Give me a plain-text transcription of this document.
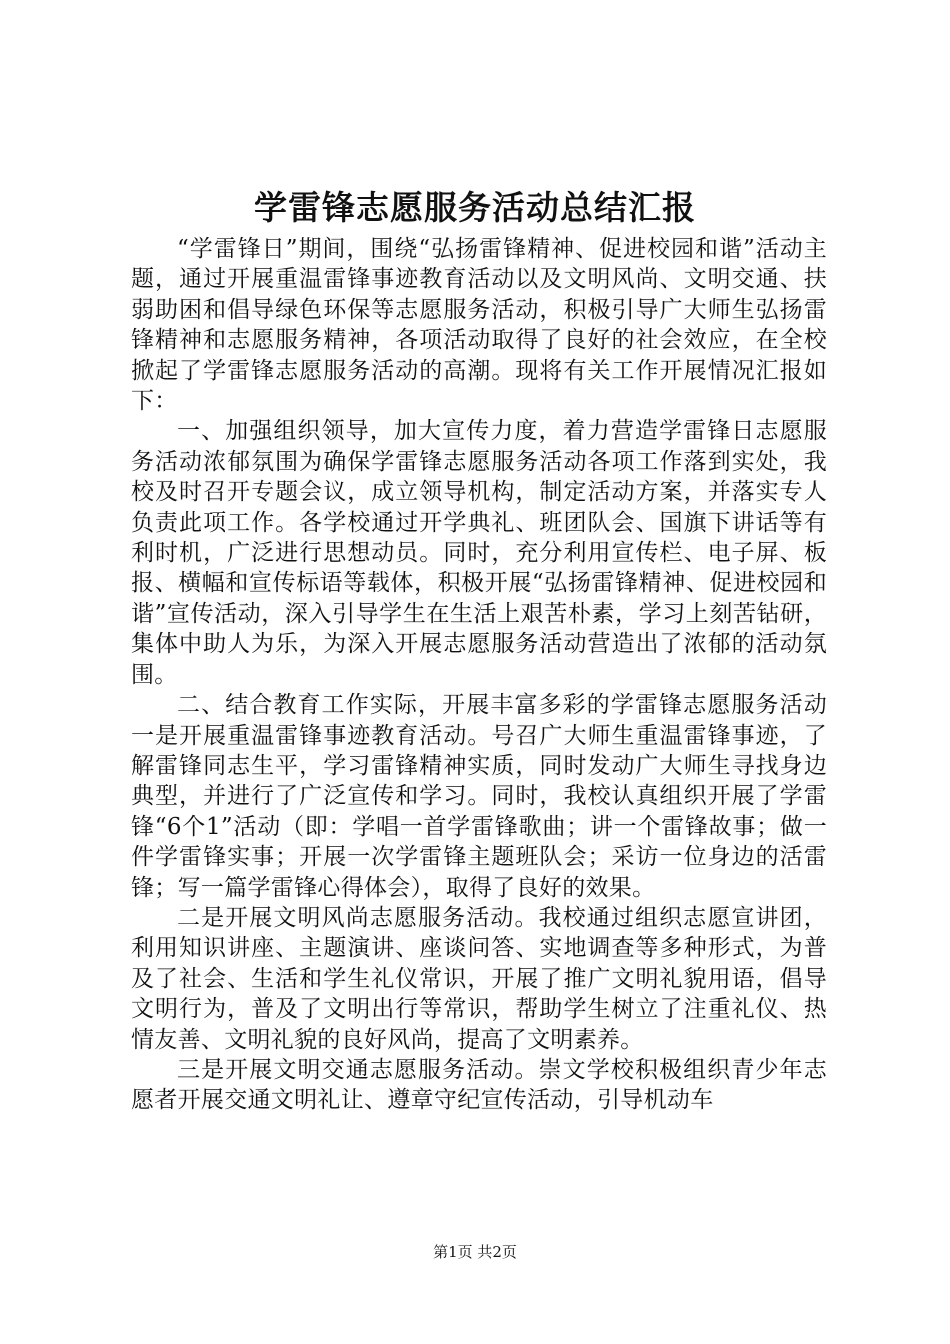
学雷锋志愿服务活动总结汇报

“学雷锋日”期间，围绕“弘扬雷锋精神、促进校园和谐”活动主题，通过开展重温雷锋事迹教育活动以及文明风尚、文明交通、扶弱助困和倡导绿色环保等志愿服务活动，积极引导广大师生弘扬雷锋精神和志愿服务精神，各项活动取得了良好的社会效应，在全校掀起了学雷锋志愿服务活动的高潮。现将有关工作开展情况汇报如下：

一、加强组织领导，加大宣传力度，着力营造学雷锋日志愿服务活动浓郁氛围为确保学雷锋志愿服务活动各项工作落到实处，我校及时召开专题会议，成立领导机构，制定活动方案，并落实专人负责此项工作。各学校通过开学典礼、班团队会、国旗下讲话等有利时机，广泛进行思想动员。同时，充分利用宣传栏、电子屏、板报、横幅和宣传标语等载体，积极开展“弘扬雷锋精神、促进校园和谐”宣传活动，深入引导学生在生活上艰苦朴素，学习上刻苦钻研，集体中助人为乐，为深入开展志愿服务活动营造出了浓郁的活动氛围。

二、结合教育工作实际，开展丰富多彩的学雷锋志愿服务活动一是开展重温雷锋事迹教育活动。号召广大师生重温雷锋事迹，了解雷锋同志生平，学习雷锋精神实质，同时发动广大师生寻找身边典型，并进行了广泛宣传和学习。同时，我校认真组织开展了学雷锋“6个1”活动（即：学唱一首学雷锋歌曲；讲一个雷锋故事；做一件学雷锋实事；开展一次学雷锋主题班队会；采访一位身边的活雷锋；写一篇学雷锋心得体会），取得了良好的效果。

二是开展文明风尚志愿服务活动。我校通过组织志愿宣讲团，利用知识讲座、主题演讲、座谈问答、实地调查等多种形式，为普及了社会、生活和学生礼仪常识，开展了推广文明礼貌用语，倡导文明行为，普及了文明出行等常识，帮助学生树立了注重礼仪、热情友善、文明礼貌的良好风尚，提高了文明素养。

三是开展文明交通志愿服务活动。崇文学校积极组织青少年志愿者开展交通文明礼让、遵章守纪宣传活动，引导机动车

第1页 共2页
